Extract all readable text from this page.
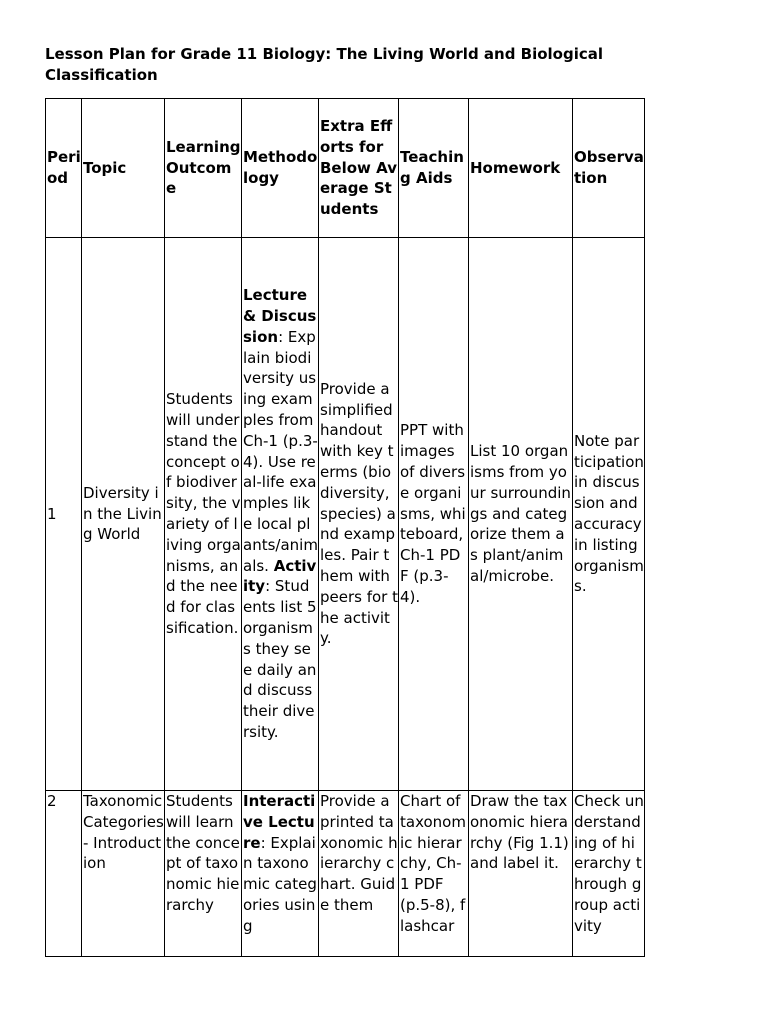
Lesson Plan for Grade 11 Biology: The Living World and Biological Classification
Period	Topic	Learning Outcome	Methodology	Extra Efforts for Below Average Students	Teaching Aids	Homework	Observation
1	Diversity in the Living World	Students will understand the concept of biodiversity, the variety of living organisms, and the need for classification.	Lecture & Discussion: Explain biodiversity using examples from Ch-1 (p.3-4). Use real-life examples like local plants/animals. Activity: Students list 5 organisms they see daily and discuss their diversity.	Provide a simplified handout with key terms (biodiversity, species) and examples. Pair them with peers for the activity.	PPT with images of diverse organisms, whiteboard, Ch-1 PDF (p.3-4).	List 10 organisms from your surroundings and categorize them as plant/animal/microbe.	Note participation in discussion and accuracy in listing organisms.

2	Taxonomic Categories - Introduction	Students will learn the concept of taxonomic hierarchy	Interactive Lecture: Explain taxonomic categories using	Provide a printed taxonomic hierarchy chart. Guide them	Chart of taxonomic hierarchy, Ch-1 PDF (p.5-8), flashcar	Draw the taxonomic hierarchy (Fig 1.1) and label it.	Check understanding of hierarchy through group activity
